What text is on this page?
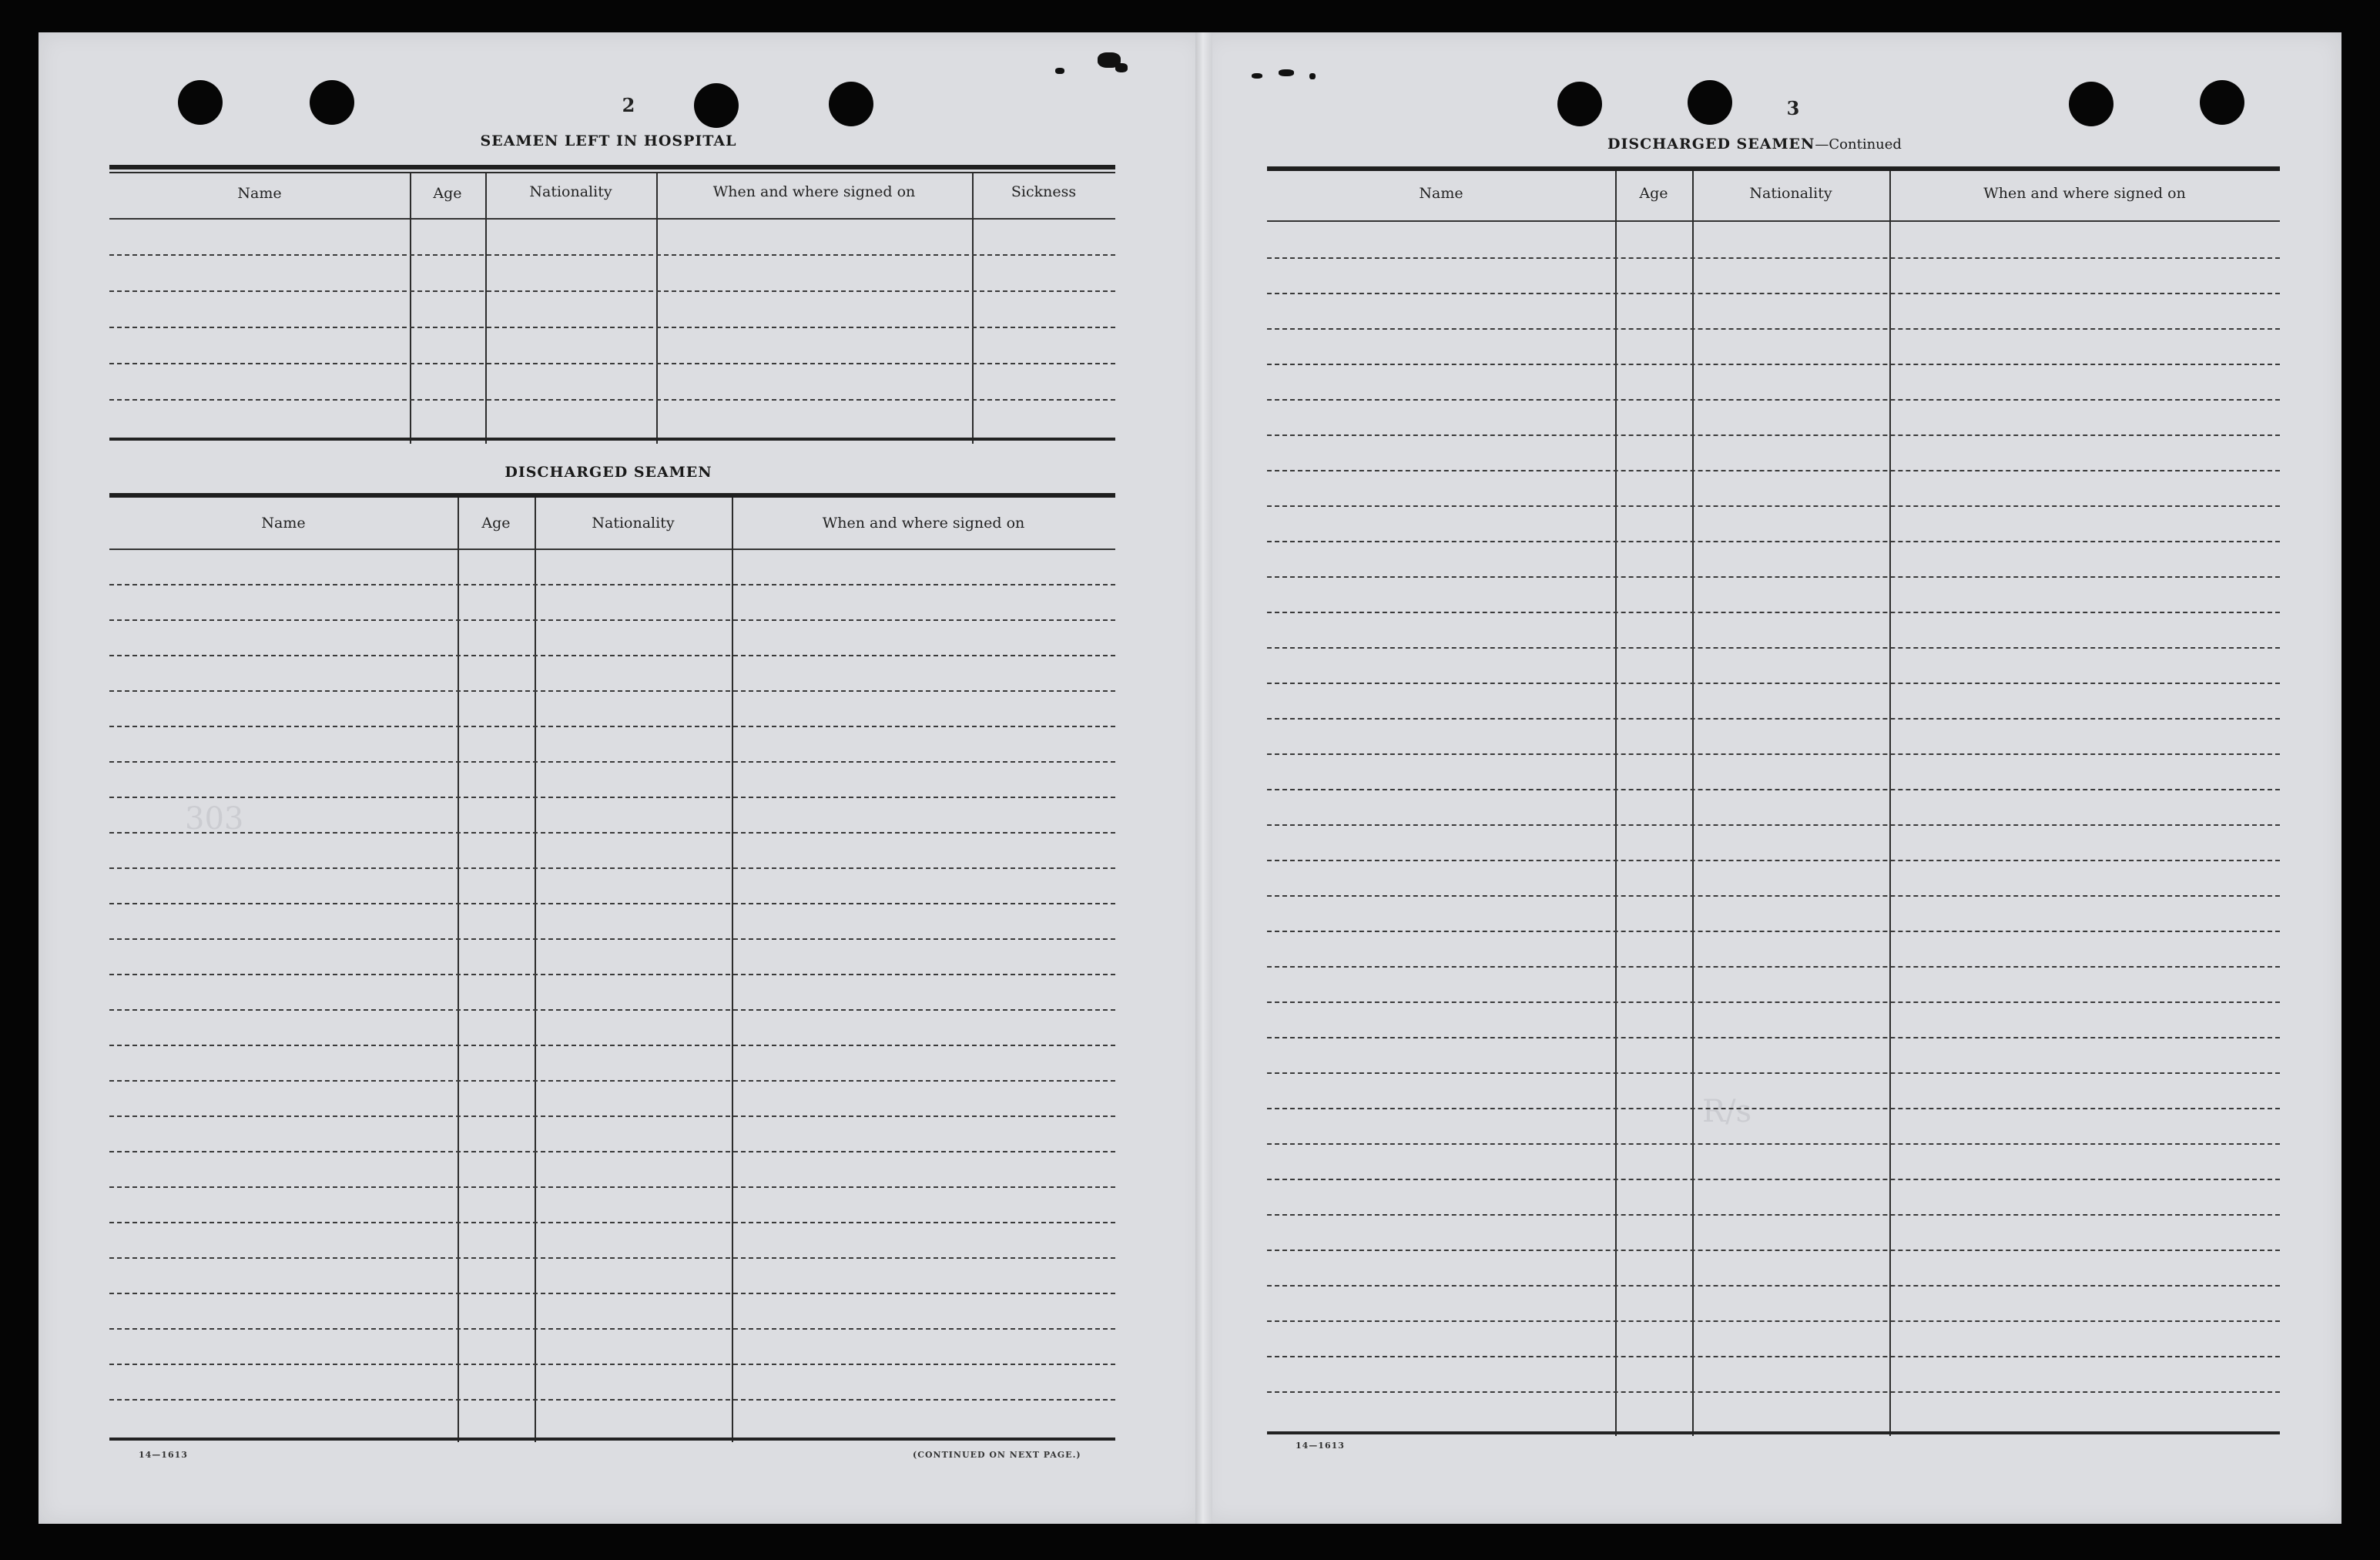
303
R/s
2
SEAMEN LEFT IN HOSPITAL
Name	Age	Nationality	When and where signed on	Sickness
DISCHARGED SEAMEN
Name	Age	Nationality	When and where signed on
14—1613	(CONTINUED ON NEXT PAGE.)
3
DISCHARGED SEAMEN—Continued
Name	Age	Nationality	When and where signed on
14—1613
